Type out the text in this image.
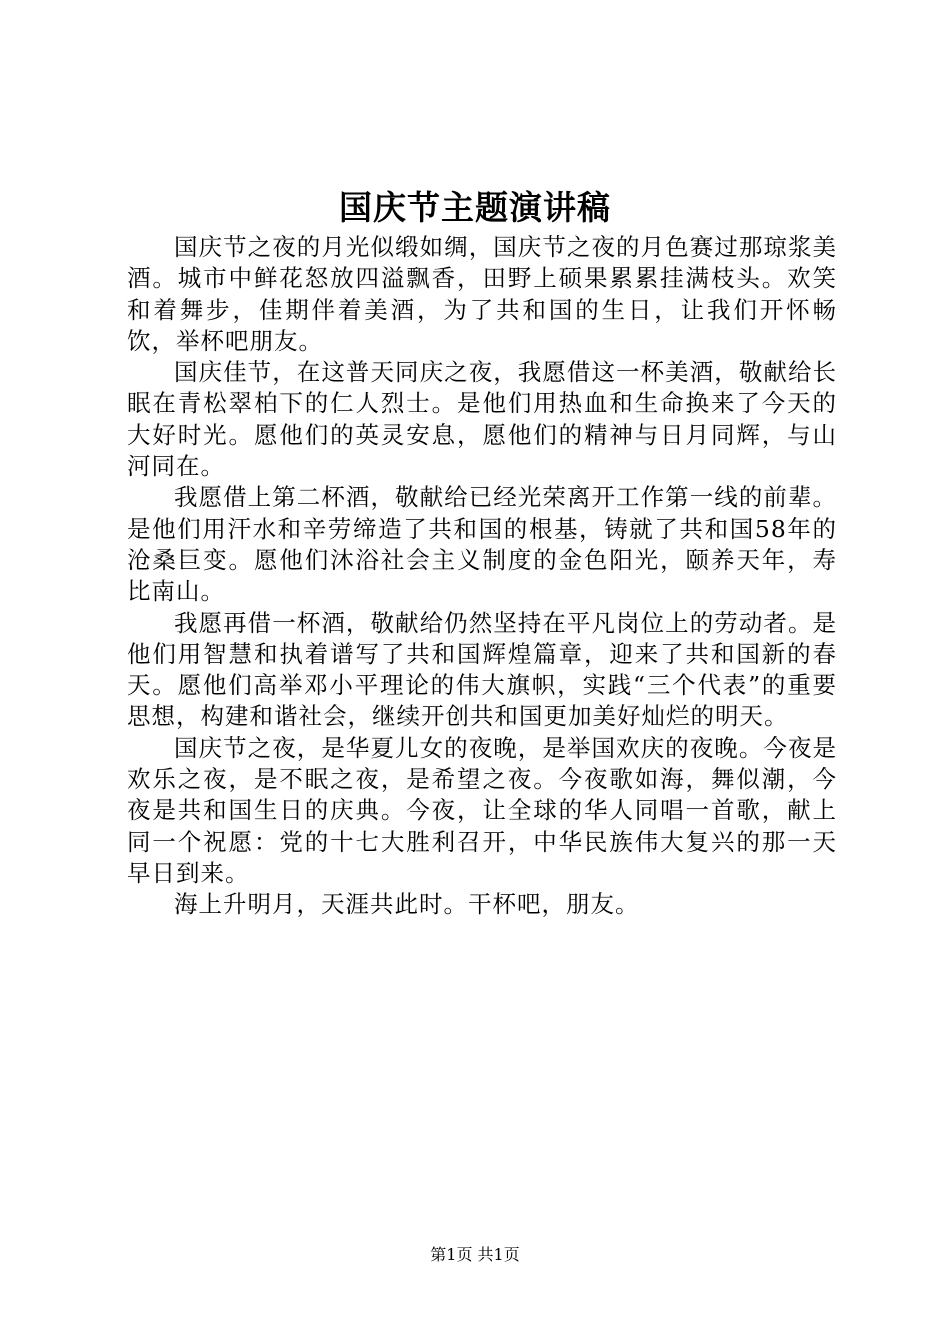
国庆节主题演讲稿

国庆节之夜的月光似缎如绸，国庆节之夜的月色赛过那琼浆美酒。城市中鲜花怒放四溢飘香，田野上硕果累累挂满枝头。欢笑和着舞步，佳期伴着美酒，为了共和国的生日，让我们开怀畅饮，举杯吧朋友。

国庆佳节，在这普天同庆之夜，我愿借这一杯美酒，敬献给长眠在青松翠柏下的仁人烈士。是他们用热血和生命换来了今天的大好时光。愿他们的英灵安息，愿他们的精神与日月同辉，与山河同在。

我愿借上第二杯酒，敬献给已经光荣离开工作第一线的前辈。是他们用汗水和辛劳缔造了共和国的根基，铸就了共和国58年的沧桑巨变。愿他们沐浴社会主义制度的金色阳光，颐养天年，寿比南山。

我愿再借一杯酒，敬献给仍然坚持在平凡岗位上的劳动者。是他们用智慧和执着谱写了共和国辉煌篇章，迎来了共和国新的春天。愿他们高举邓小平理论的伟大旗帜，实践“三个代表”的重要思想，构建和谐社会，继续开创共和国更加美好灿烂的明天。

国庆节之夜，是华夏儿女的夜晚，是举国欢庆的夜晚。今夜是欢乐之夜，是不眠之夜，是希望之夜。今夜歌如海，舞似潮，今夜是共和国生日的庆典。今夜，让全球的华人同唱一首歌，献上同一个祝愿：党的十七大胜利召开，中华民族伟大复兴的那一天早日到来。

海上升明月，天涯共此时。干杯吧，朋友。

第1页 共1页
